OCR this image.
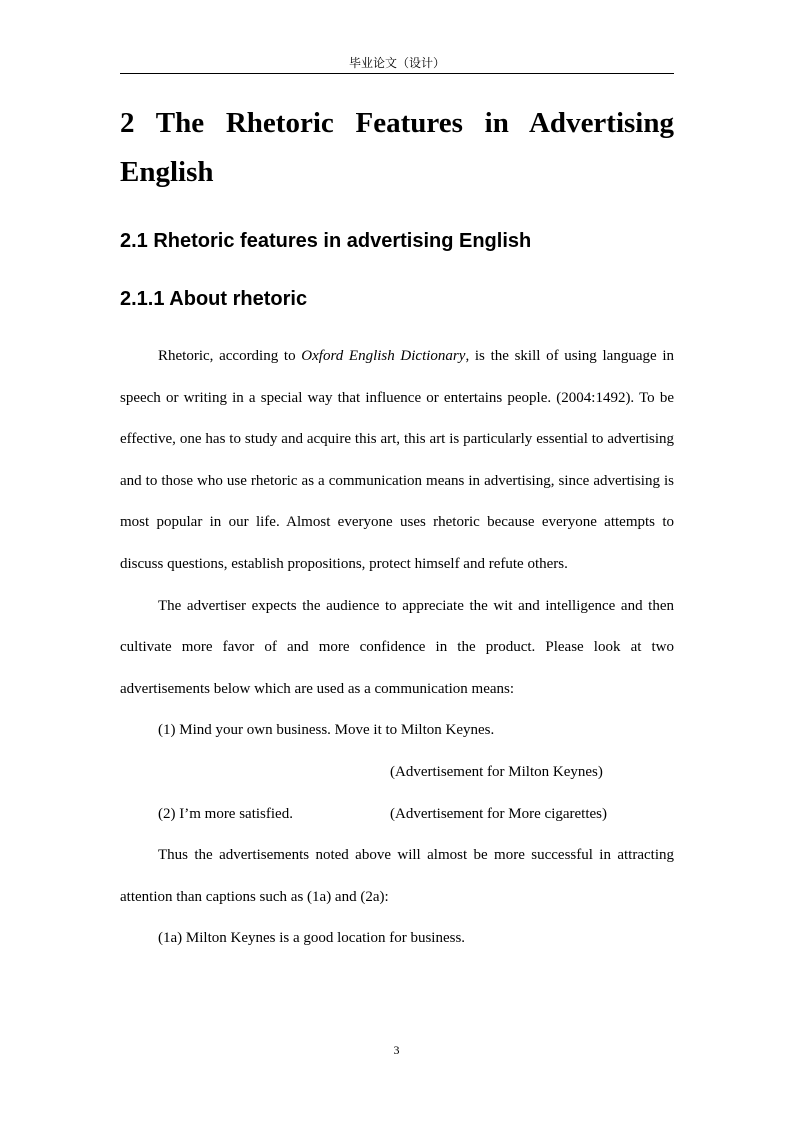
毕业论文（设计）
2 The Rhetoric Features in Advertising English
2.1 Rhetoric features in advertising English
2.1.1 About rhetoric

Rhetoric, according to Oxford English Dictionary, is the skill of using language in speech or writing in a special way that influence or entertains people. (2004:1492). To be effective, one has to study and acquire this art, this art is particularly essential to advertising and to those who use rhetoric as a communication means in advertising, since advertising is most popular in our life. Almost everyone uses rhetoric because everyone attempts to discuss questions, establish propositions, protect himself and refute others.

The advertiser expects the audience to appreciate the wit and intelligence and then cultivate more favor of and more confidence in the product. Please look at two advertisements below which are used as a communication means:

(1) Mind your own business. Move it to Milton Keynes.

(Advertisement for Milton Keynes)

(2) I’m more satisfied.	(Advertisement for More cigarettes)

Thus the advertisements noted above will almost be more successful in attracting attention than captions such as (1a) and (2a):

(1a) Milton Keynes is a good location for business.

3
